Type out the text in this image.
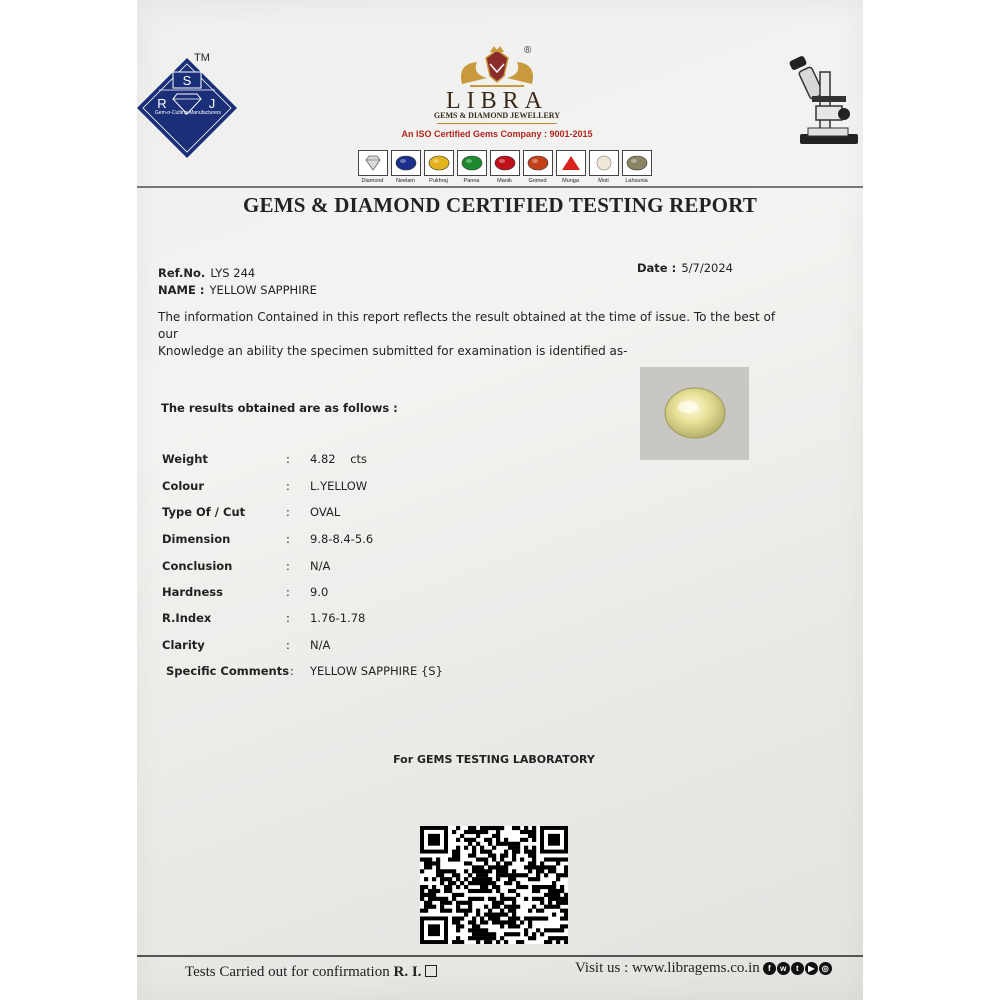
TM
S
R	J
Gem-n-Cutting Manufacturers
®
LIBRA
GEMS & DIAMOND JEWELLERY
An ISO Certified Gems Company : 9001-2015
Diamond Neelam	Pukhraj	Panna	Manik	Gomed	Munga	Moti	Lahsunia
GEMS & DIAMOND CERTIFIED TESTING REPORT
Ref.No. LYS 244
NAME : YELLOW SAPPHIRE
Date : 5/7/2024
The information Contained in this report reflects the result obtained at the time of issue. To the best of our
Knowledge an ability the specimen submitted for examination is identified as-
The results obtained are as follows :
Weight	:	4.82    cts
Colour	:	L.YELLOW
Type Of / Cut	:	OVAL
Dimension	:	9.8-8.4-5.6
Conclusion	:	N/A
Hardness	:	9.0
R.Index	:	1.76-1.78
Clarity	:	N/A
Specific Comments :	YELLOW SAPPHIRE {S}
For GEMS TESTING LABORATORY
Tests Carried out for confirmation R. I.	Visit us :
www.libragems.co.in	f	w	t	▶ ◎
